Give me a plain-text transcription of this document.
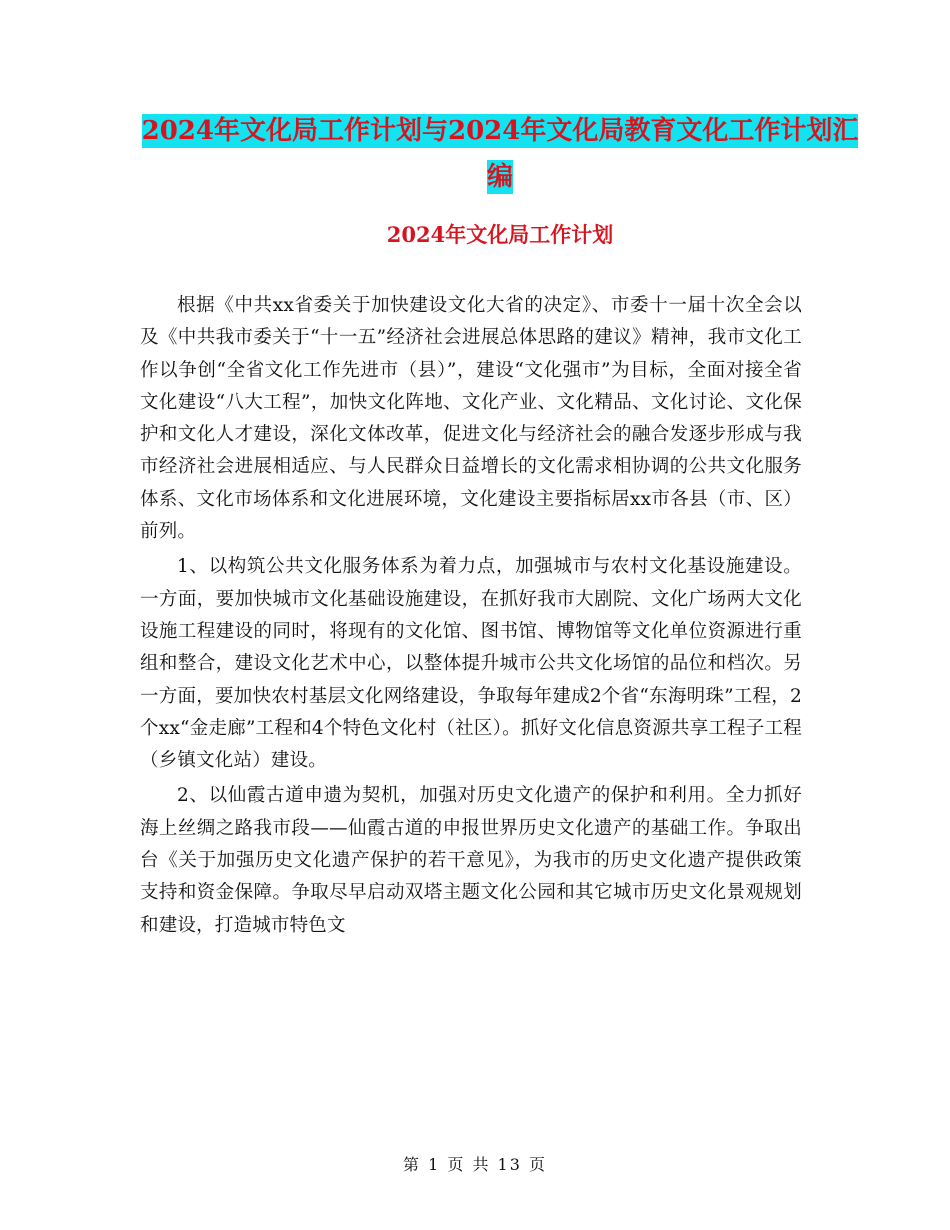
2024年文化局工作计划与2024年文化局教育文化工作计划汇编
2024年文化局工作计划

根据《中共xx省委关于加快建设文化大省的决定》、市委十一届十次全会以及《中共我市委关于“十一五”经济社会进展总体思路的建议》精神，我市文化工作以争创“全省文化工作先进市（县）”，建设“文化强市”为目标，全面对接全省文化建设“八大工程”，加快文化阵地、文化产业、文化精品、文化讨论、文化保护和文化人才建设，深化文体改革，促进文化与经济社会的融合发逐步形成与我市经济社会进展相适应、与人民群众日益增长的文化需求相协调的公共文化服务体系、文化市场体系和文化进展环境，文化建设主要指标居xx市各县（市、区）前列。

1、以构筑公共文化服务体系为着力点，加强城市与农村文化基设施建设。一方面，要加快城市文化基础设施建设，在抓好我市大剧院、文化广场两大文化设施工程建设的同时，将现有的文化馆、图书馆、博物馆等文化单位资源进行重组和整合，建设文化艺术中心，以整体提升城市公共文化场馆的品位和档次。另一方面，要加快农村基层文化网络建设，争取每年建成2个省“东海明珠”工程，2个xx“金走廊”工程和4个特色文化村（社区）。抓好文化信息资源共享工程子工程（乡镇文化站）建设。

2、以仙霞古道申遗为契机，加强对历史文化遗产的保护和利用。全力抓好海上丝绸之路我市段——仙霞古道的申报世界历史文化遗产的基础工作。争取出台《关于加强历史文化遗产保护的若干意见》，为我市的历史文化遗产提供政策支持和资金保障。争取尽早启动双塔主题文化公园和其它城市历史文化景观规划和建设，打造城市特色文

第 1 页 共 13 页
